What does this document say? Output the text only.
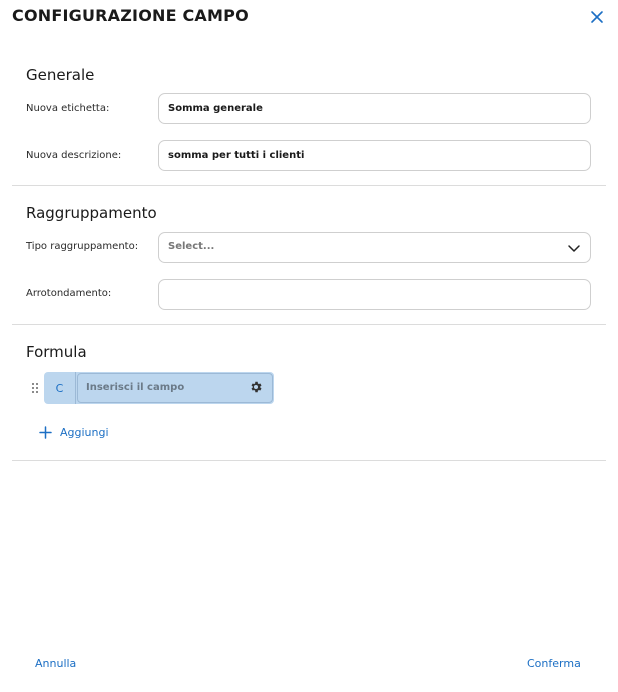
CONFIGURAZIONE CAMPO
Generale
Nuova etichetta:
Somma generale
Nuova descrizione:
somma per tutti i clienti
Raggruppamento
Tipo raggruppamento:	Select...
Arrotondamento:
Formula
C	Inserisci il campo
Aggiungi
Annulla	Conferma
